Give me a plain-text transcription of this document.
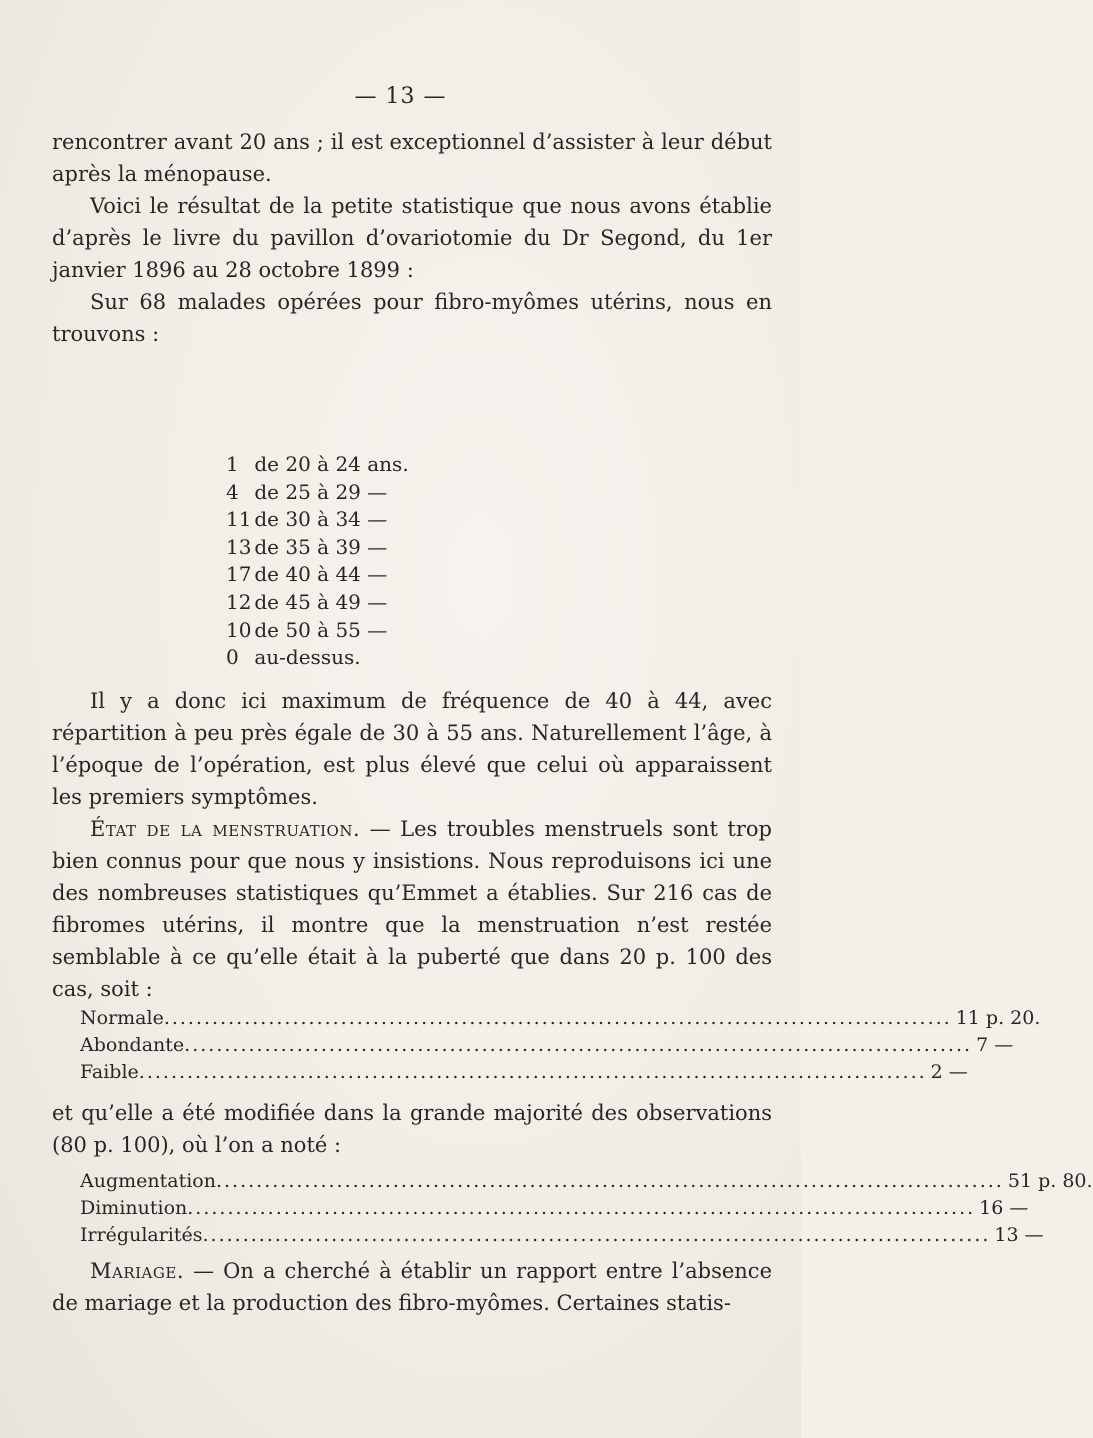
— 13 —

rencontrer avant 20 ans ; il est exceptionnel d’assister à leur début après la ménopause.

Voici le résultat de la petite statistique que nous avons établie d’après le livre du pavillon d’ovariotomie du Dr Segond, du 1er janvier 1896 au 28 octobre 1899 :

Sur 68 malades opérées pour fibro-myômes utérins, nous en trouvons :

1 de 20 à 24 ans.
4 de 25 à 29 —
11 de 30 à 34 —
13 de 35 à 39 —
17 de 40 à 44 —
12 de 45 à 49 —
10 de 50 à 55 —
0 au-dessus.

Il y a donc ici maximum de fréquence de 40 à 44, avec répartition à peu près égale de 30 à 55 ans. Naturellement l’âge, à l’époque de l’opération, est plus élevé que celui où apparaissent les premiers symptômes.

État de la menstruation. — Les troubles menstruels sont trop bien connus pour que nous y insistions. Nous reproduisons ici une des nombreuses statistiques qu’Emmet a établies. Sur 216 cas de fibromes utérins, il montre que la menstruation n’est restée semblable à ce qu’elle était à la puberté que dans 20 p. 100 des cas, soit :

Normale .................................................................................................. 11 p. 20.
Abondante .................................................................................................. 7 —
Faible .................................................................................................. 2 —

et qu’elle a été modifiée dans la grande majorité des observations (80 p. 100), où l’on a noté :

Augmentation .................................................................................................. 51 p. 80.
Diminution .................................................................................................. 16 —
Irrégularités .................................................................................................. 13 —

Mariage. — On a cherché à établir un rapport entre l’absence de mariage et la production des fibro-myômes. Certaines statis-
